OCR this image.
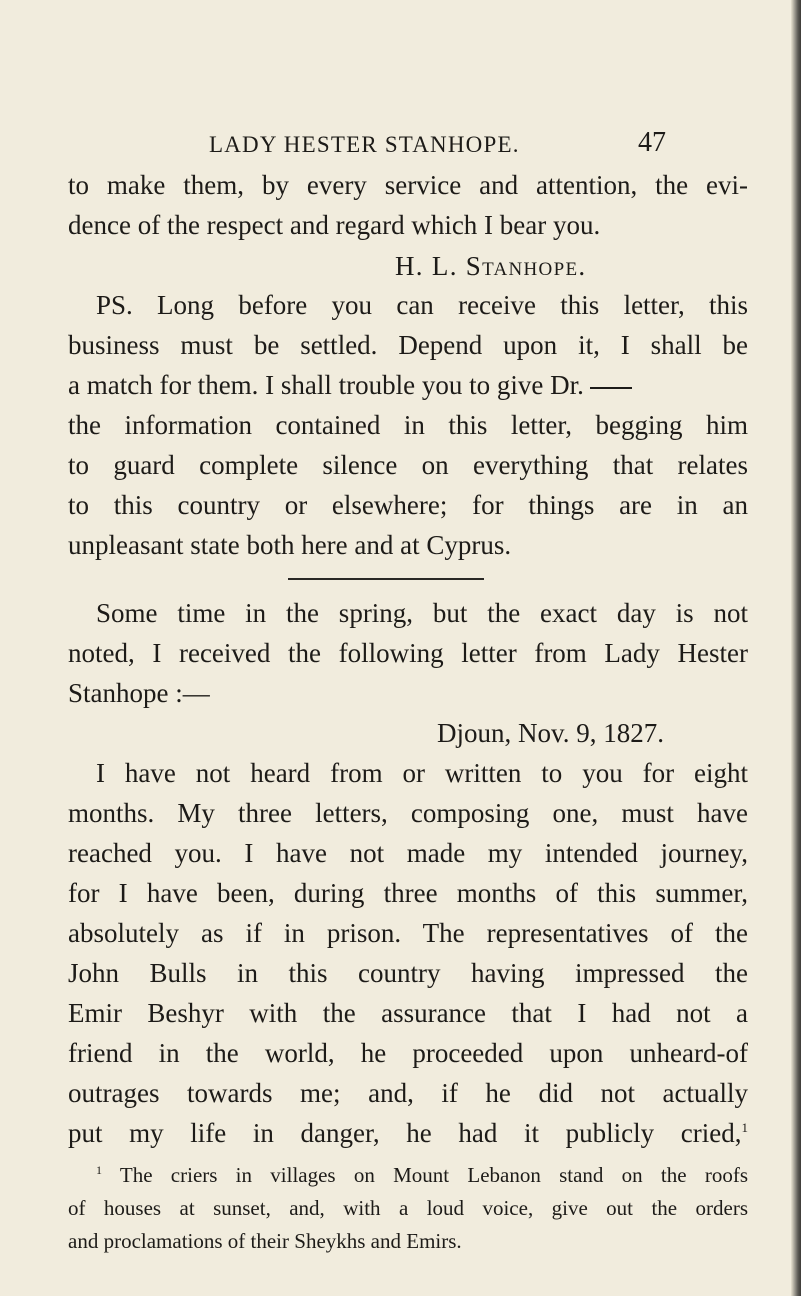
LADY HESTER STANHOPE.	47
to make them, by every service and attention, the evi-
dence of the respect and regard which I bear you.
H. L. Stanhope.
PS. Long before you can receive this letter, this
business must be settled. Depend upon it, I shall be
a match for them. I shall trouble you to give Dr.
the information contained in this letter, begging him
to guard complete silence on everything that relates
to this country or elsewhere; for things are in an
unpleasant state both here and at Cyprus.
Some time in the spring, but the exact day is not
noted, I received the following letter from Lady Hester
Stanhope :—
Djoun, Nov. 9, 1827.
I have not heard from or written to you for eight
months. My three letters, composing one, must have
reached you. I have not made my intended journey,
for I have been, during three months of this summer,
absolutely as if in prison. The representatives of the
John Bulls in this country having impressed the
Emir Beshyr with the assurance that I had not a
friend in the world, he proceeded upon unheard-of
outrages towards me; and, if he did not actually
put my life in danger, he had it publicly cried,$^1$
$^1$ The criers in villages on Mount Lebanon stand on the roofs
of houses at sunset, and, with a loud voice, give out the orders
and proclamations of their Sheykhs and Emirs.
